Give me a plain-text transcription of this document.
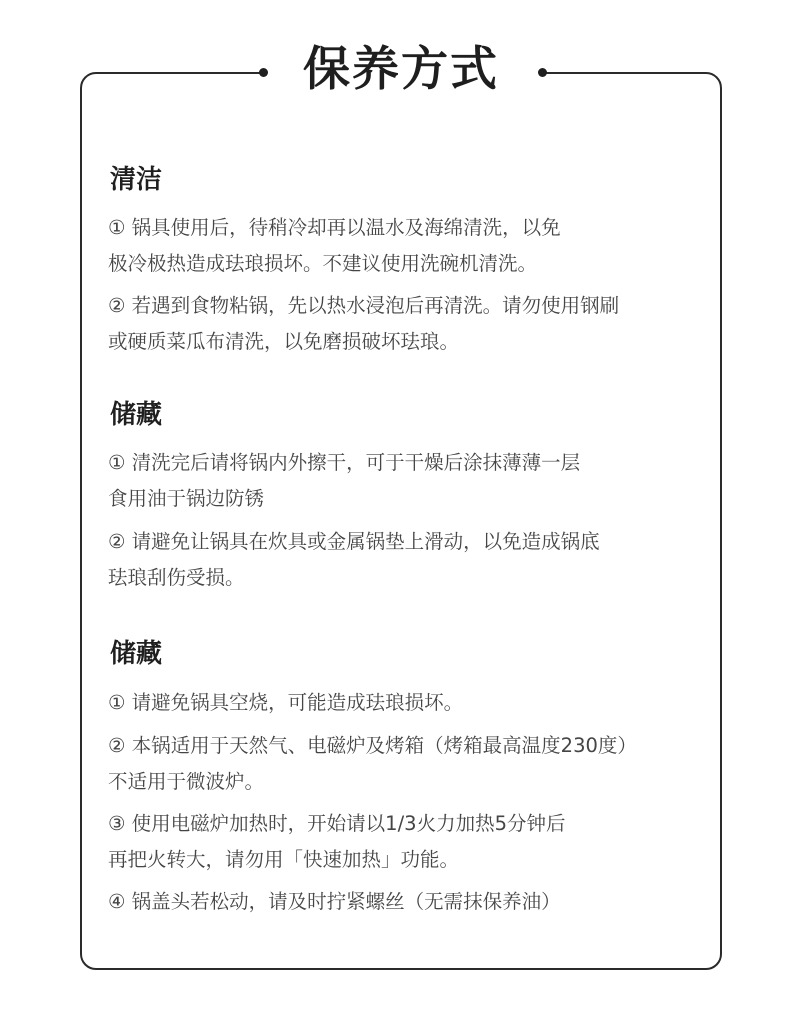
保养方式
清洁
① 锅具使用后，待稍冷却再以温水及海绵清洗，以免
极冷极热造成珐琅损坏。不建议使用洗碗机清洗。
② 若遇到食物粘锅，先以热水浸泡后再清洗。请勿使用钢刷
或硬质菜瓜布清洗，以免磨损破坏珐琅。
储藏
① 清洗完后请将锅内外擦干，可于干燥后涂抹薄薄一层
食用油于锅边防锈
② 请避免让锅具在炊具或金属锅垫上滑动，以免造成锅底
珐琅刮伤受损。
储藏
① 请避免锅具空烧，可能造成珐琅损坏。
② 本锅适用于天然气、电磁炉及烤箱（烤箱最高温度230度）
不适用于微波炉。
③ 使用电磁炉加热时，开始请以1/3火力加热5分钟后
再把火转大，请勿用「快速加热」功能。
④ 锅盖头若松动，请及时拧紧螺丝（无需抹保养油）
